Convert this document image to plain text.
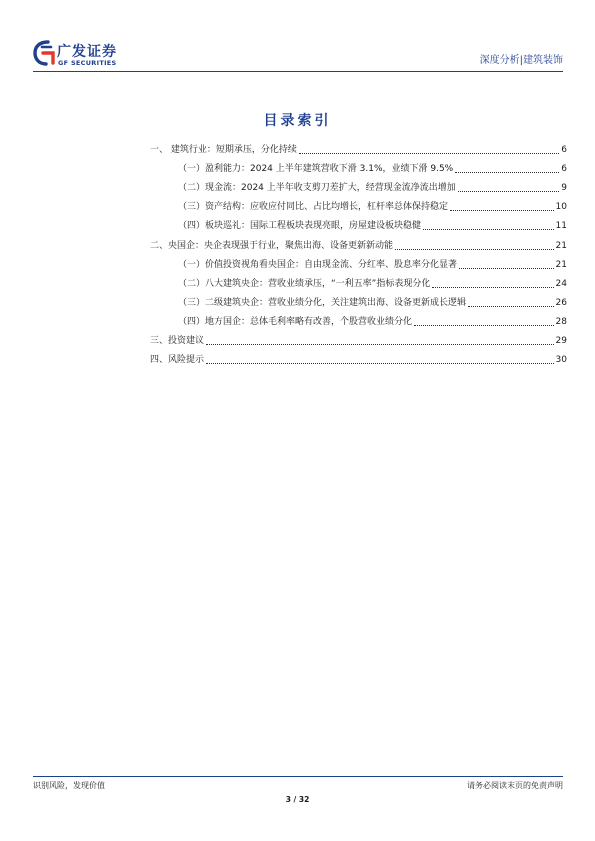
广发证券
GF SECURITIES	深度分析|建筑装饰
目录索引
一、 建筑行业：短期承压，分化持续	6
（一）盈利能力：2024 上半年建筑营收下滑 3.1%，业绩下滑 9.5%	6
（二）现金流：2024 上半年收支剪刀差扩大，经营现金流净流出增加	9
（三）资产结构：应收应付同比、占比均增长，杠杆率总体保持稳定	10
（四）板块巡礼：国际工程板块表现亮眼，房屋建设板块稳健	11
二、央国企：央企表现强于行业，聚焦出海、设备更新新动能	21
（一）价值投资视角看央国企：自由现金流、分红率、股息率分化显著	21
（二）八大建筑央企：营收业绩承压，“一利五率”指标表现分化	24
（三）二级建筑央企：营收业绩分化，关注建筑出海、设备更新成长逻辑	26
（四）地方国企：总体毛利率略有改善，个股营收业绩分化	28
三、投资建议	29
四、风险提示	30
识别风险，发现价值	请务必阅读末页的免责声明
3 / 32
